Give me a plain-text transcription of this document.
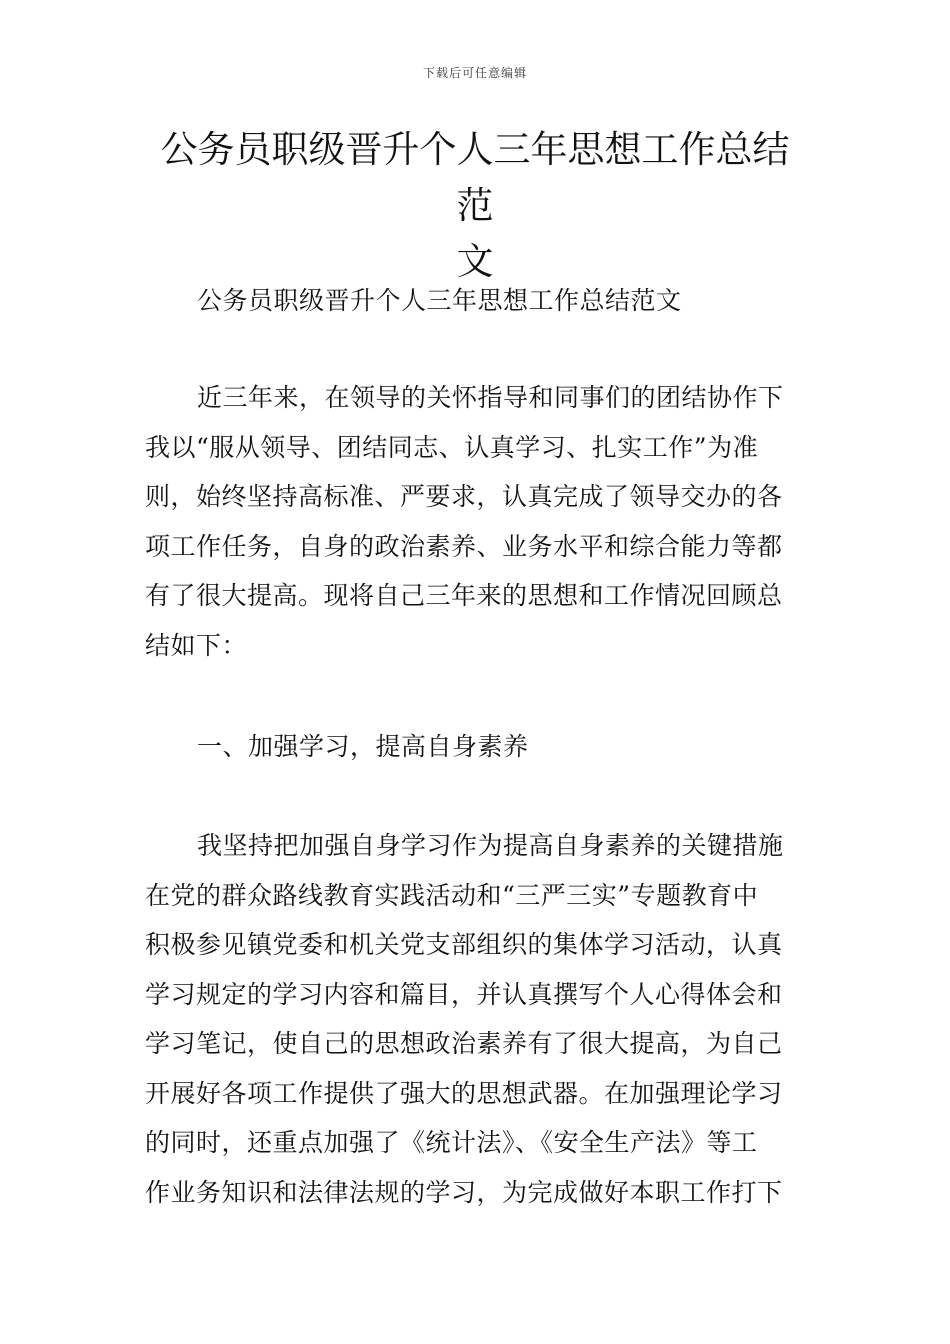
下载后可任意编辑
公务员职级晋升个人三年思想工作总结范
文
公务员职级晋升个人三年思想工作总结范文
近三年来，在领导的关怀指导和同事们的团结协作下
我以“服从领导、团结同志、认真学习、扎实工作”为准
则，始终坚持高标准、严要求，认真完成了领导交办的各
项工作任务，自身的政治素养、业务水平和综合能力等都
有了很大提高。现将自己三年来的思想和工作情况回顾总
结如下：
一、加强学习，提高自身素养
我坚持把加强自身学习作为提高自身素养的关键措施
在党的群众路线教育实践活动和“三严三实”专题教育中
积极参见镇党委和机关党支部组织的集体学习活动，认真
学习规定的学习内容和篇目，并认真撰写个人心得体会和
学习笔记，使自己的思想政治素养有了很大提高，为自己
开展好各项工作提供了强大的思想武器。在加强理论学习
的同时，还重点加强了《统计法》、《安全生产法》等工
作业务知识和法律法规的学习，为完成做好本职工作打下
